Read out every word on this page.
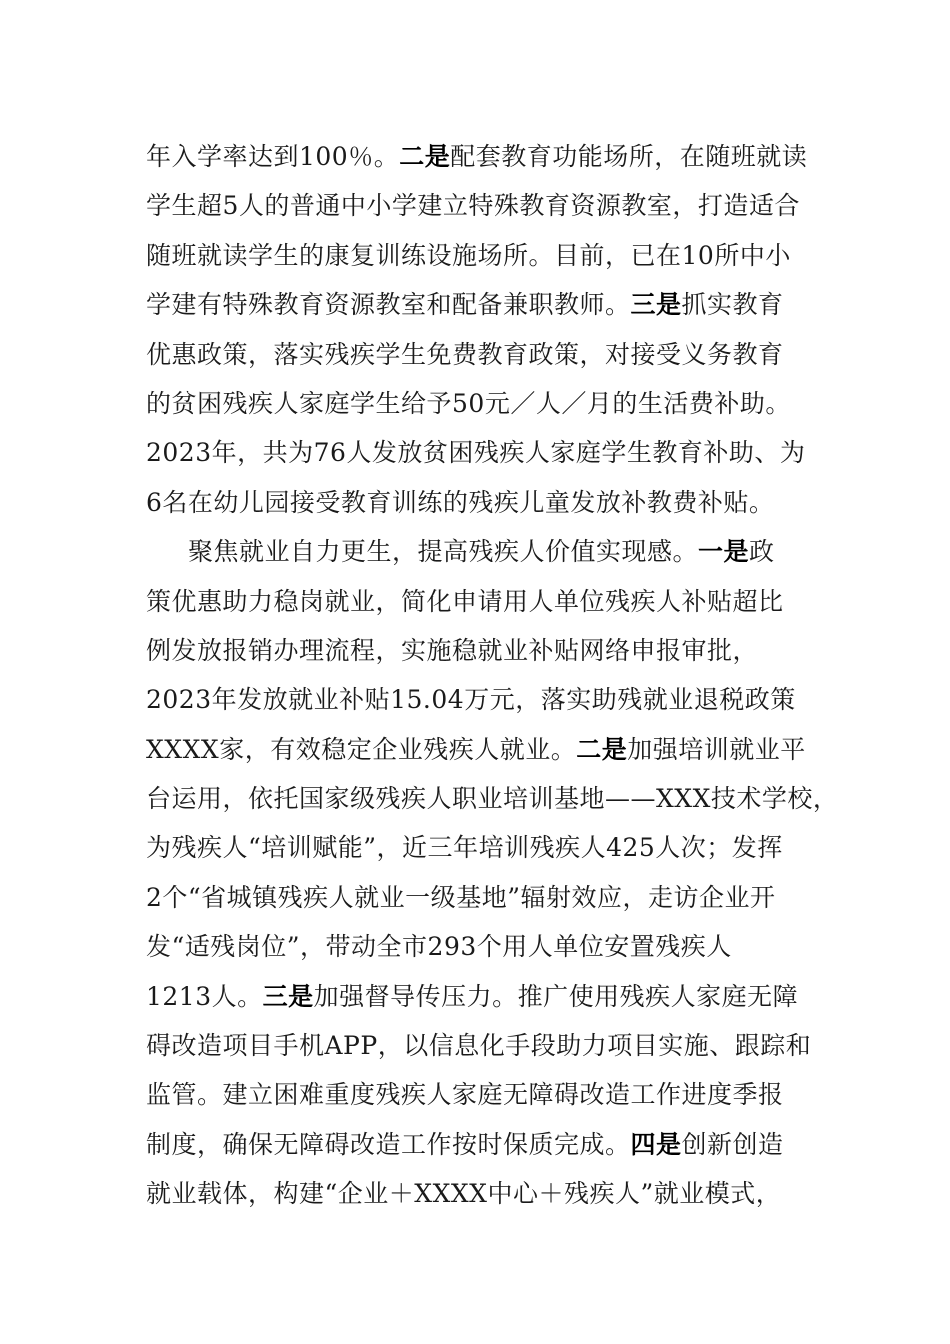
年入学率达到100％。二是配套教育功能场所，在随班就读
学生超5人的普通中小学建立特殊教育资源教室，打造适合
随班就读学生的康复训练设施场所。目前，已在10所中小
学建有特殊教育资源教室和配备兼职教师。三是抓实教育
优惠政策，落实残疾学生免费教育政策，对接受义务教育
的贫困残疾人家庭学生给予50元／人／月的生活费补助。
2023年，共为76人发放贫困残疾人家庭学生教育补助、为
6名在幼儿园接受教育训练的残疾儿童发放补教费补贴。
聚焦就业自力更生，提高残疾人价值实现感。一是政
策优惠助力稳岗就业，简化申请用人单位残疾人补贴超比
例发放报销办理流程，实施稳就业补贴网络申报审批，
2023年发放就业补贴15.04万元，落实助残就业退税政策
XXXX家，有效稳定企业残疾人就业。二是加强培训就业平
台运用，依托国家级残疾人职业培训基地——XXX技术学校，
为残疾人“培训赋能”，近三年培训残疾人425人次；发挥
2个“省城镇残疾人就业一级基地”辐射效应，走访企业开
发“适残岗位”，带动全市293个用人单位安置残疾人
1213人。三是加强督导传压力。推广使用残疾人家庭无障
碍改造项目手机APP，以信息化手段助力项目实施、跟踪和
监管。建立困难重度残疾人家庭无障碍改造工作进度季报
制度，确保无障碍改造工作按时保质完成。四是创新创造
就业载体，构建“企业＋XXXX中心＋残疾人”就业模式，
